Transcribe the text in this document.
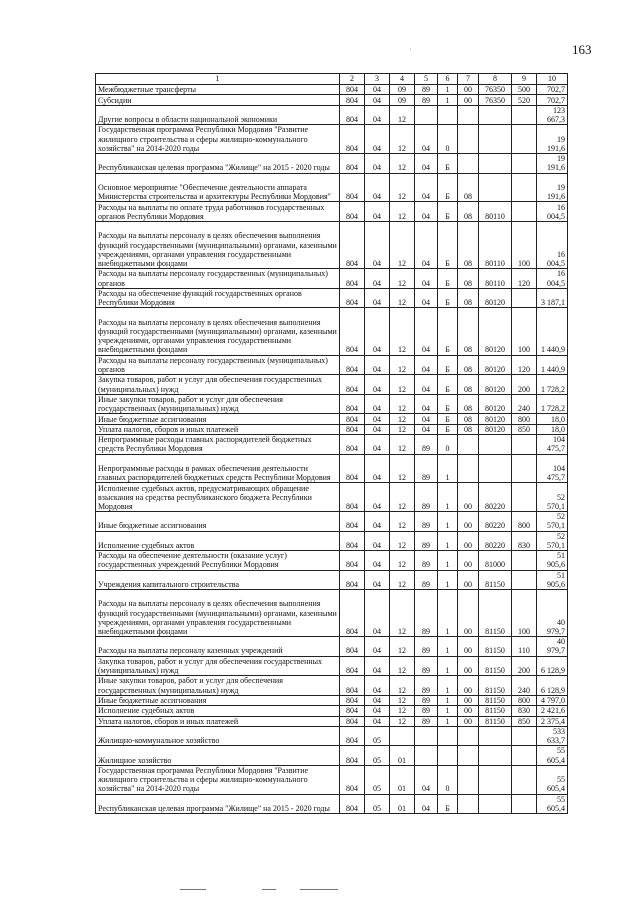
163
1	2	3	4	5	6	7	8	9	10
Межбюджетные трансферты	804	04	09	89	1	00	76350	500	702,7
Субсидии	804	04	09	89	1	00	76350	520	702,7
Другие вопросы в области национальной экономики	804	04	12						123 667,3
Государственная программа Республики Мордовия "Развитие жилищного строительства и сферы жилищно-коммунального хозяйства" на 2014-2020 годы	804	04	12	04	0				19 191,6
Республиканская целевая программа "Жилище" на 2015 - 2020 годы	804	04	12	04	Б				19 191,6
Основное мероприятие "Обеспечение деятельности аппарата Министерства строительства и архитектуры Республики Мордовия"	804	04	12	04	Б	08			19 191,6
Расходы на выплаты по оплате труда работников государственных органов Республики Мордовия	804	04	12	04	Б	08	80110		16 004,5
Расходы на выплаты персоналу в целях обеспечения выполнения функций государственными (муниципальными) органами, казенными учреждениями, органами управления государственными внебюджетными фондами	804	04	12	04	Б	08	80110	100	16 004,5
Расходы на выплаты персоналу государственных (муниципальных) органов	804	04	12	04	Б	08	80110	120	16 004,5
Расходы на обеспечение функций государственных органов Республики Мордовия	804	04	12	04	Б	08	80120		3 187,1
Расходы на выплаты персоналу в целях обеспечения выполнения функций государственными (муниципальными) органами, казенными учреждениями, органами управления государственными внебюджетными фондами	804	04	12	04	Б	08	80120	100	1 440,9
Расходы на выплаты персоналу государственных (муниципальных) органов	804	04	12	04	Б	08	80120	120	1 440,9
Закупка товаров, работ и услуг для обеспечения государственных (муниципальных) нужд	804	04	12	04	Б	08	80120	200	1 728,2
Иные закупки товаров, работ и услуг для обеспечения государственных (муниципальных) нужд	804	04	12	04	Б	08	80120	240	1 728,2
Иные бюджетные ассигнования	804	04	12	04	Б	08	80120	800	18,0
Уплата налогов, сборов и иных платежей	804	04	12	04	Б	08	80120	850	18,0
Непрограммные расходы главных распорядителей бюджетных средств Республики Мордовия	804	04	12	89	0				104 475,7
Непрограммные расходы в рамках обеспечения деятельности главных распорядителей бюджетных средств Республики Мордовия	804	04	12	89	1				104 475,7
Исполнение судебных актов, предусматривающих обращение взыскания на средства республиканского бюджета Республики Мордовия	804	04	12	89	1	00	80220		52 570,1
Иные бюджетные ассигнования	804	04	12	89	1	00	80220	800	52 570,1
Исполнение судебных актов	804	04	12	89	1	00	80220	830	52 570,1
Расходы на обеспечение деятельности (оказание услуг) государственных учреждений Республики Мордовия	804	04	12	89	1	00	81000		51 905,6
Учреждения капитального строительства	804	04	12	89	1	00	81150		51 905,6
Расходы на выплаты персоналу в целях обеспечения выполнения функций государственными (муниципальными) органами, казенными учреждениями, органами управления государственными внебюджетными фондами	804	04	12	89	1	00	81150	100	40 979,7
Расходы на выплаты персоналу казенных учреждений	804	04	12	89	1	00	81150	110	40 979,7
Закупка товаров, работ и услуг для обеспечения государственных (муниципальных) нужд	804	04	12	89	1	00	81150	200	6 128,9
Иные закупки товаров, работ и услуг для обеспечения государственных (муниципальных) нужд	804	04	12	89	1	00	81150	240	6 128,9
Иные бюджетные ассигнования	804	04	12	89	1	00	81150	800	4 797,0
Исполнение судебных актов	804	04	12	89	1	00	81150	830	2 421,6
Уплата налогов, сборов и иных платежей	804	04	12	89	1	00	81150	850	2 375,4
Жилищно-коммунальное хозяйство	804	05							533 633,7
Жилищное хозяйство	804	05	01						55 605,4
Государственная программа Республики Мордовия "Развитие жилищного строительства и сферы жилищно-коммунального хозяйства" на 2014-2020 годы	804	05	01	04	0				55 605,4
Республиканская целевая программа "Жилище" на 2015 - 2020 годы	804	05	01	04	Б				55 605,4
'
